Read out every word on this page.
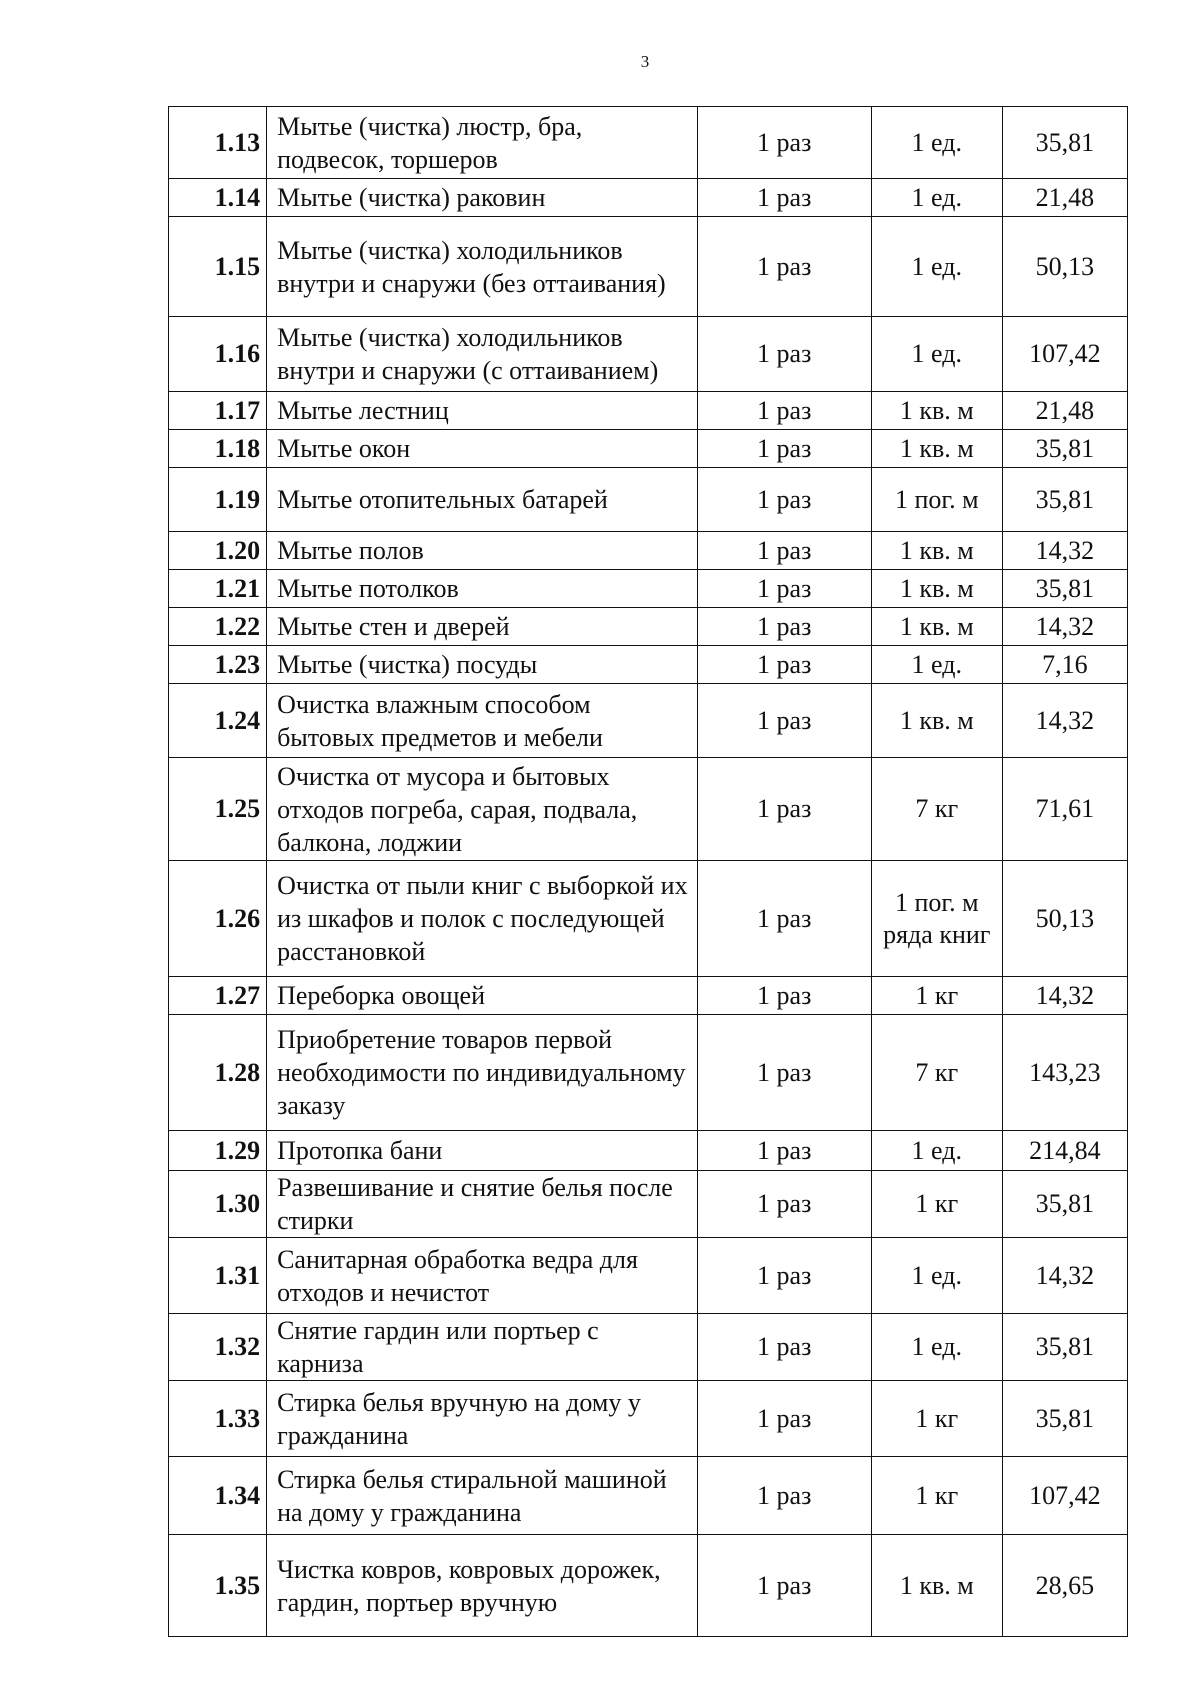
3
1.13	Мытье (чистка) люстр, бра, подвесок, торшеров	1 раз	1 ед.	35,81
1.14	Мытье (чистка) раковин	1 раз	1 ед.	21,48
1.15	Мытье (чистка) холодильников внутри и снаружи (без оттаивания)	1 раз	1 ед.	50,13
1.16	Мытье (чистка) холодильников внутри и снаружи (с оттаиванием)	1 раз	1 ед.	107,42
1.17	Мытье лестниц	1 раз	1 кв. м	21,48
1.18	Мытье окон	1 раз	1 кв. м	35,81
1.19	Мытье отопительных батарей	1 раз	1 пог. м	35,81
1.20	Мытье полов	1 раз	1 кв. м	14,32
1.21	Мытье потолков	1 раз	1 кв. м	35,81
1.22	Мытье стен и дверей	1 раз	1 кв. м	14,32
1.23	Мытье (чистка) посуды	1 раз	1 ед.	7,16
1.24	Очистка влажным способом бытовых предметов и мебели	1 раз	1 кв. м	14,32
1.25	Очистка от мусора и бытовых отходов погреба, сарая, подвала, балкона, лоджии	1 раз	7 кг	71,61
1.26	Очистка от пыли книг с выборкой их из шкафов и полок с последующей расстановкой	1 раз	1 пог. м ряда книг	50,13
1.27	Переборка овощей	1 раз	1 кг	14,32
1.28	Приобретение товаров первой необходимости по индивидуальному заказу	1 раз	7 кг	143,23
1.29	Протопка бани	1 раз	1 ед.	214,84
1.30	Развешивание и снятие белья после стирки	1 раз	1 кг	35,81
1.31	Санитарная обработка ведра для отходов и нечистот	1 раз	1 ед.	14,32
1.32	Снятие гардин или портьер с карниза	1 раз	1 ед.	35,81
1.33	Стирка белья вручную на дому у гражданина	1 раз	1 кг	35,81
1.34	Стирка белья стиральной машиной на дому у гражданина	1 раз	1 кг	107,42
1.35	Чистка ковров, ковровых дорожек, гардин, портьер вручную	1 раз	1 кв. м	28,65
